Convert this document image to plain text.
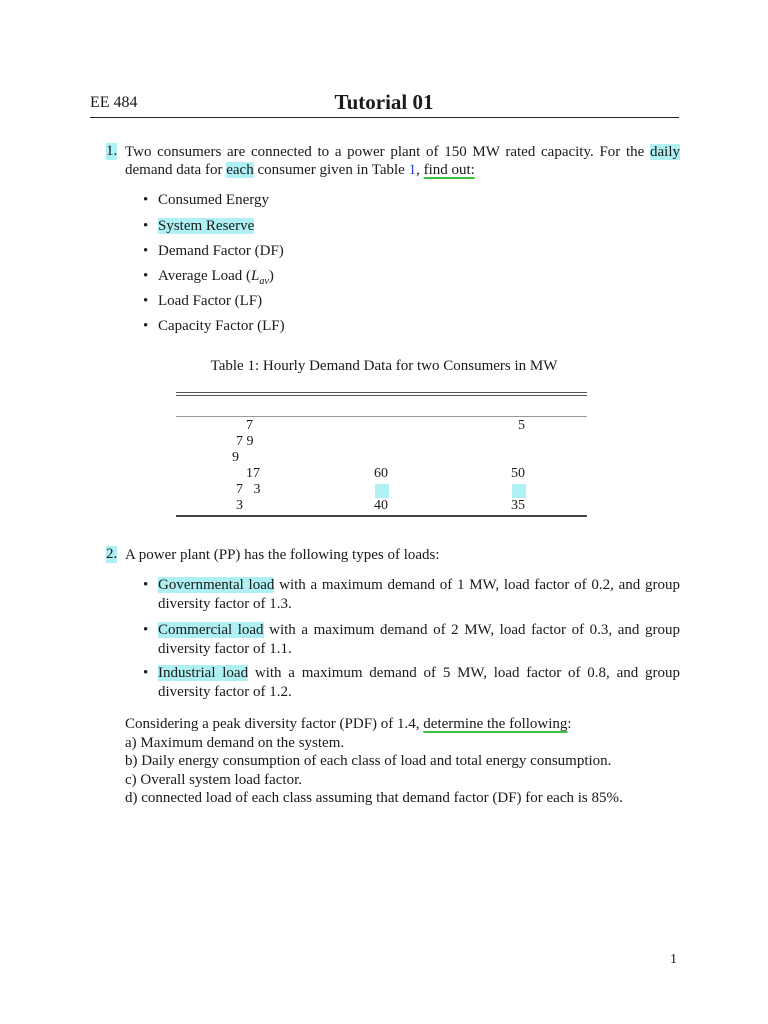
EE 484	Tutorial 01
1. Two consumers are connected to a power plant of 150 MW rated capacity. For the daily demand data for each consumer given in Table 1, find out:
• Consumed Energy
• System Reserve
• Demand Factor (DF)
• Average Load $(L_{av})$
• Load Factor (LF)
• Capacity Factor (LF)
Table 1: Hourly Demand Data for two Consumers in MW
7
7 9
9
17
7   3
3
60
40
5
50
35
2. A power plant (PP) has the following types of loads:
• Governmental load with a maximum demand of 1 MW, load factor of 0.2, and group diversity factor of 1.3.
• Commercial load with a maximum demand of 2 MW, load factor of 0.3, and group diversity factor of 1.1.
• Industrial load with a maximum demand of 5 MW, load factor of 0.8, and group diversity factor of 1.2.
Considering a peak diversity factor (PDF) of 1.4, determine the following:
a) Maximum demand on the system.
b) Daily energy consumption of each class of load and total energy consumption.
c) Overall system load factor.
d) connected load of each class assuming that demand factor (DF) for each is 85%.
1
